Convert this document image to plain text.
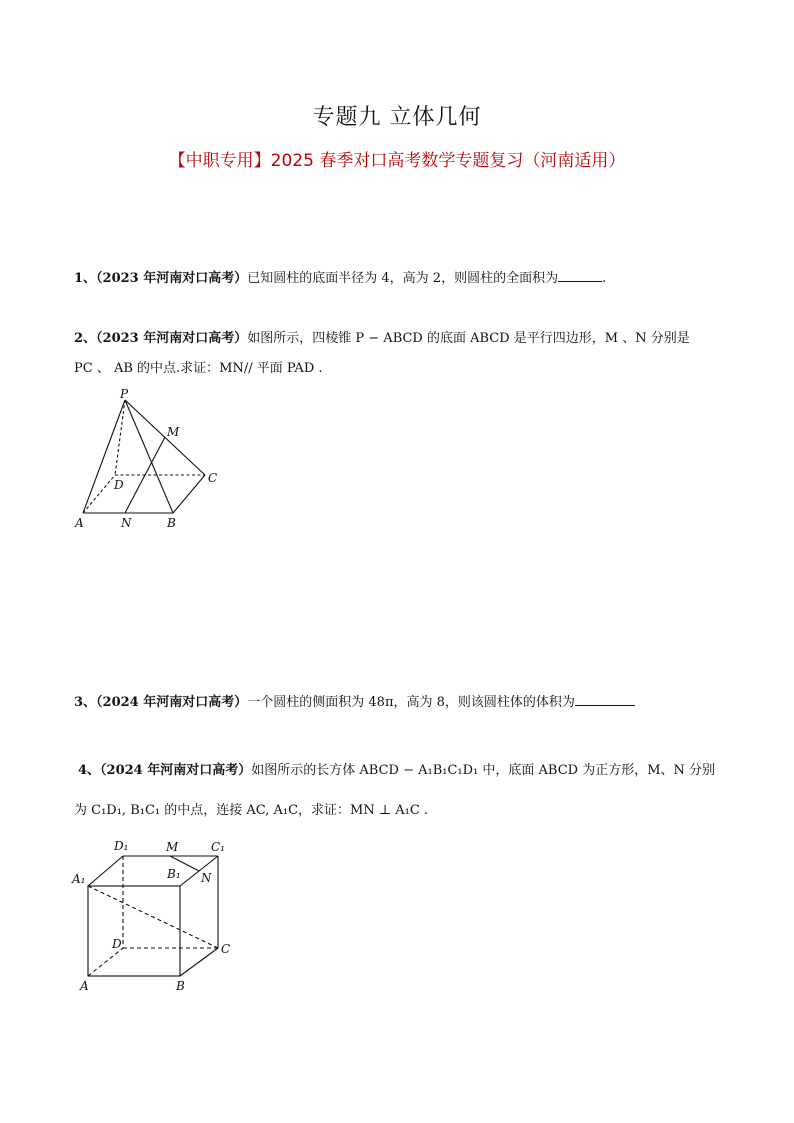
专题九 立体几何
【中职专用】2025 春季对口高考数学专题复习（河南适用）
1、（2023 年河南对口高考）已知圆柱的底面半径为 4，高为 2，则圆柱的全面积为	.
2、（2023 年河南对口高考）如图所示，四棱锥 P − ABCD 的底面 ABCD 是平行四边形，M 、N 分别是
PC 、 AB 的中点.求证：MN// 平面 PAD .
P
M
D	C
A	N	B
3、（2024 年河南对口高考）一个圆柱的侧面积为 48π，高为 8，则该圆柱体的体积为
4、（2024 年河南对口高考）如图所示的长方体 ABCD − A₁B₁C₁D₁ 中，底面 ABCD 为正方形，M、N 分别
为 C₁D₁, B₁C₁ 的中点，连接 AC, A₁C，求证：MN ⊥ A₁C .
D₁	M	C₁
A₁	B₁ N
D	C
A	B
